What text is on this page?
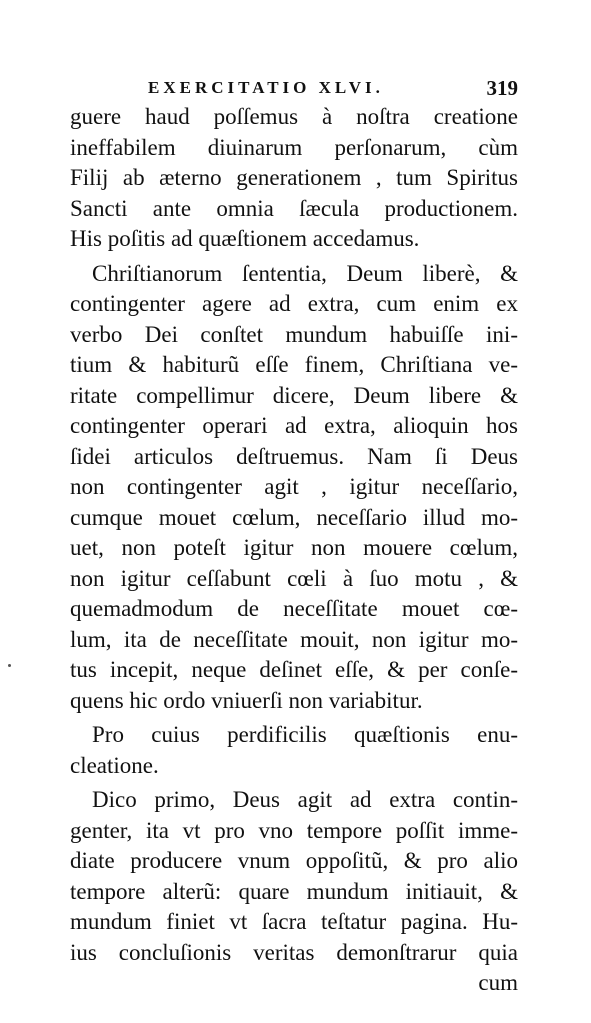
EXERCITATIO XLVI.	319
guere haud poſſemus à noſtra creatione
ineffabilem diuinarum perſonarum, cùm
Filij ab æterno generationem , tum Spiritus
Sancti ante omnia ſæcula productionem.
His poſitis ad quæſtionem accedamus.
Chriſtianorum ſententia, Deum liberè, &
contingenter agere ad extra, cum enim ex
verbo Dei conſtet mundum habuiſſe ini-
tium & habiturũ eſſe finem, Chriſtiana ve-
ritate compellimur dicere, Deum libere &
contingenter operari ad extra, alioquin hos
ſidei articulos deſtruemus. Nam ſi Deus
non contingenter agit , igitur neceſſario,
cumque mouet cœlum, neceſſario illud mo-
uet, non poteſt igitur non mouere cœlum,
non igitur ceſſabunt cœli à ſuo motu , &
quemadmodum de neceſſitate mouet cœ-
lum, ita de neceſſitate mouit, non igitur mo-
tus incepit, neque deſinet eſſe, & per conſe-
quens hic ordo vniuerſi non variabitur.
Pro cuius perdificilis quæſtionis enu-
cleatione.
Dico primo, Deus agit ad extra contin-
genter, ita vt pro vno tempore poſſit imme-
diate producere vnum oppoſitũ, & pro alio
tempore alterũ: quare mundum initiauit, &
mundum finiet vt ſacra teſtatur pagina. Hu-
ius concluſionis veritas demonſtrarur quia
cum
